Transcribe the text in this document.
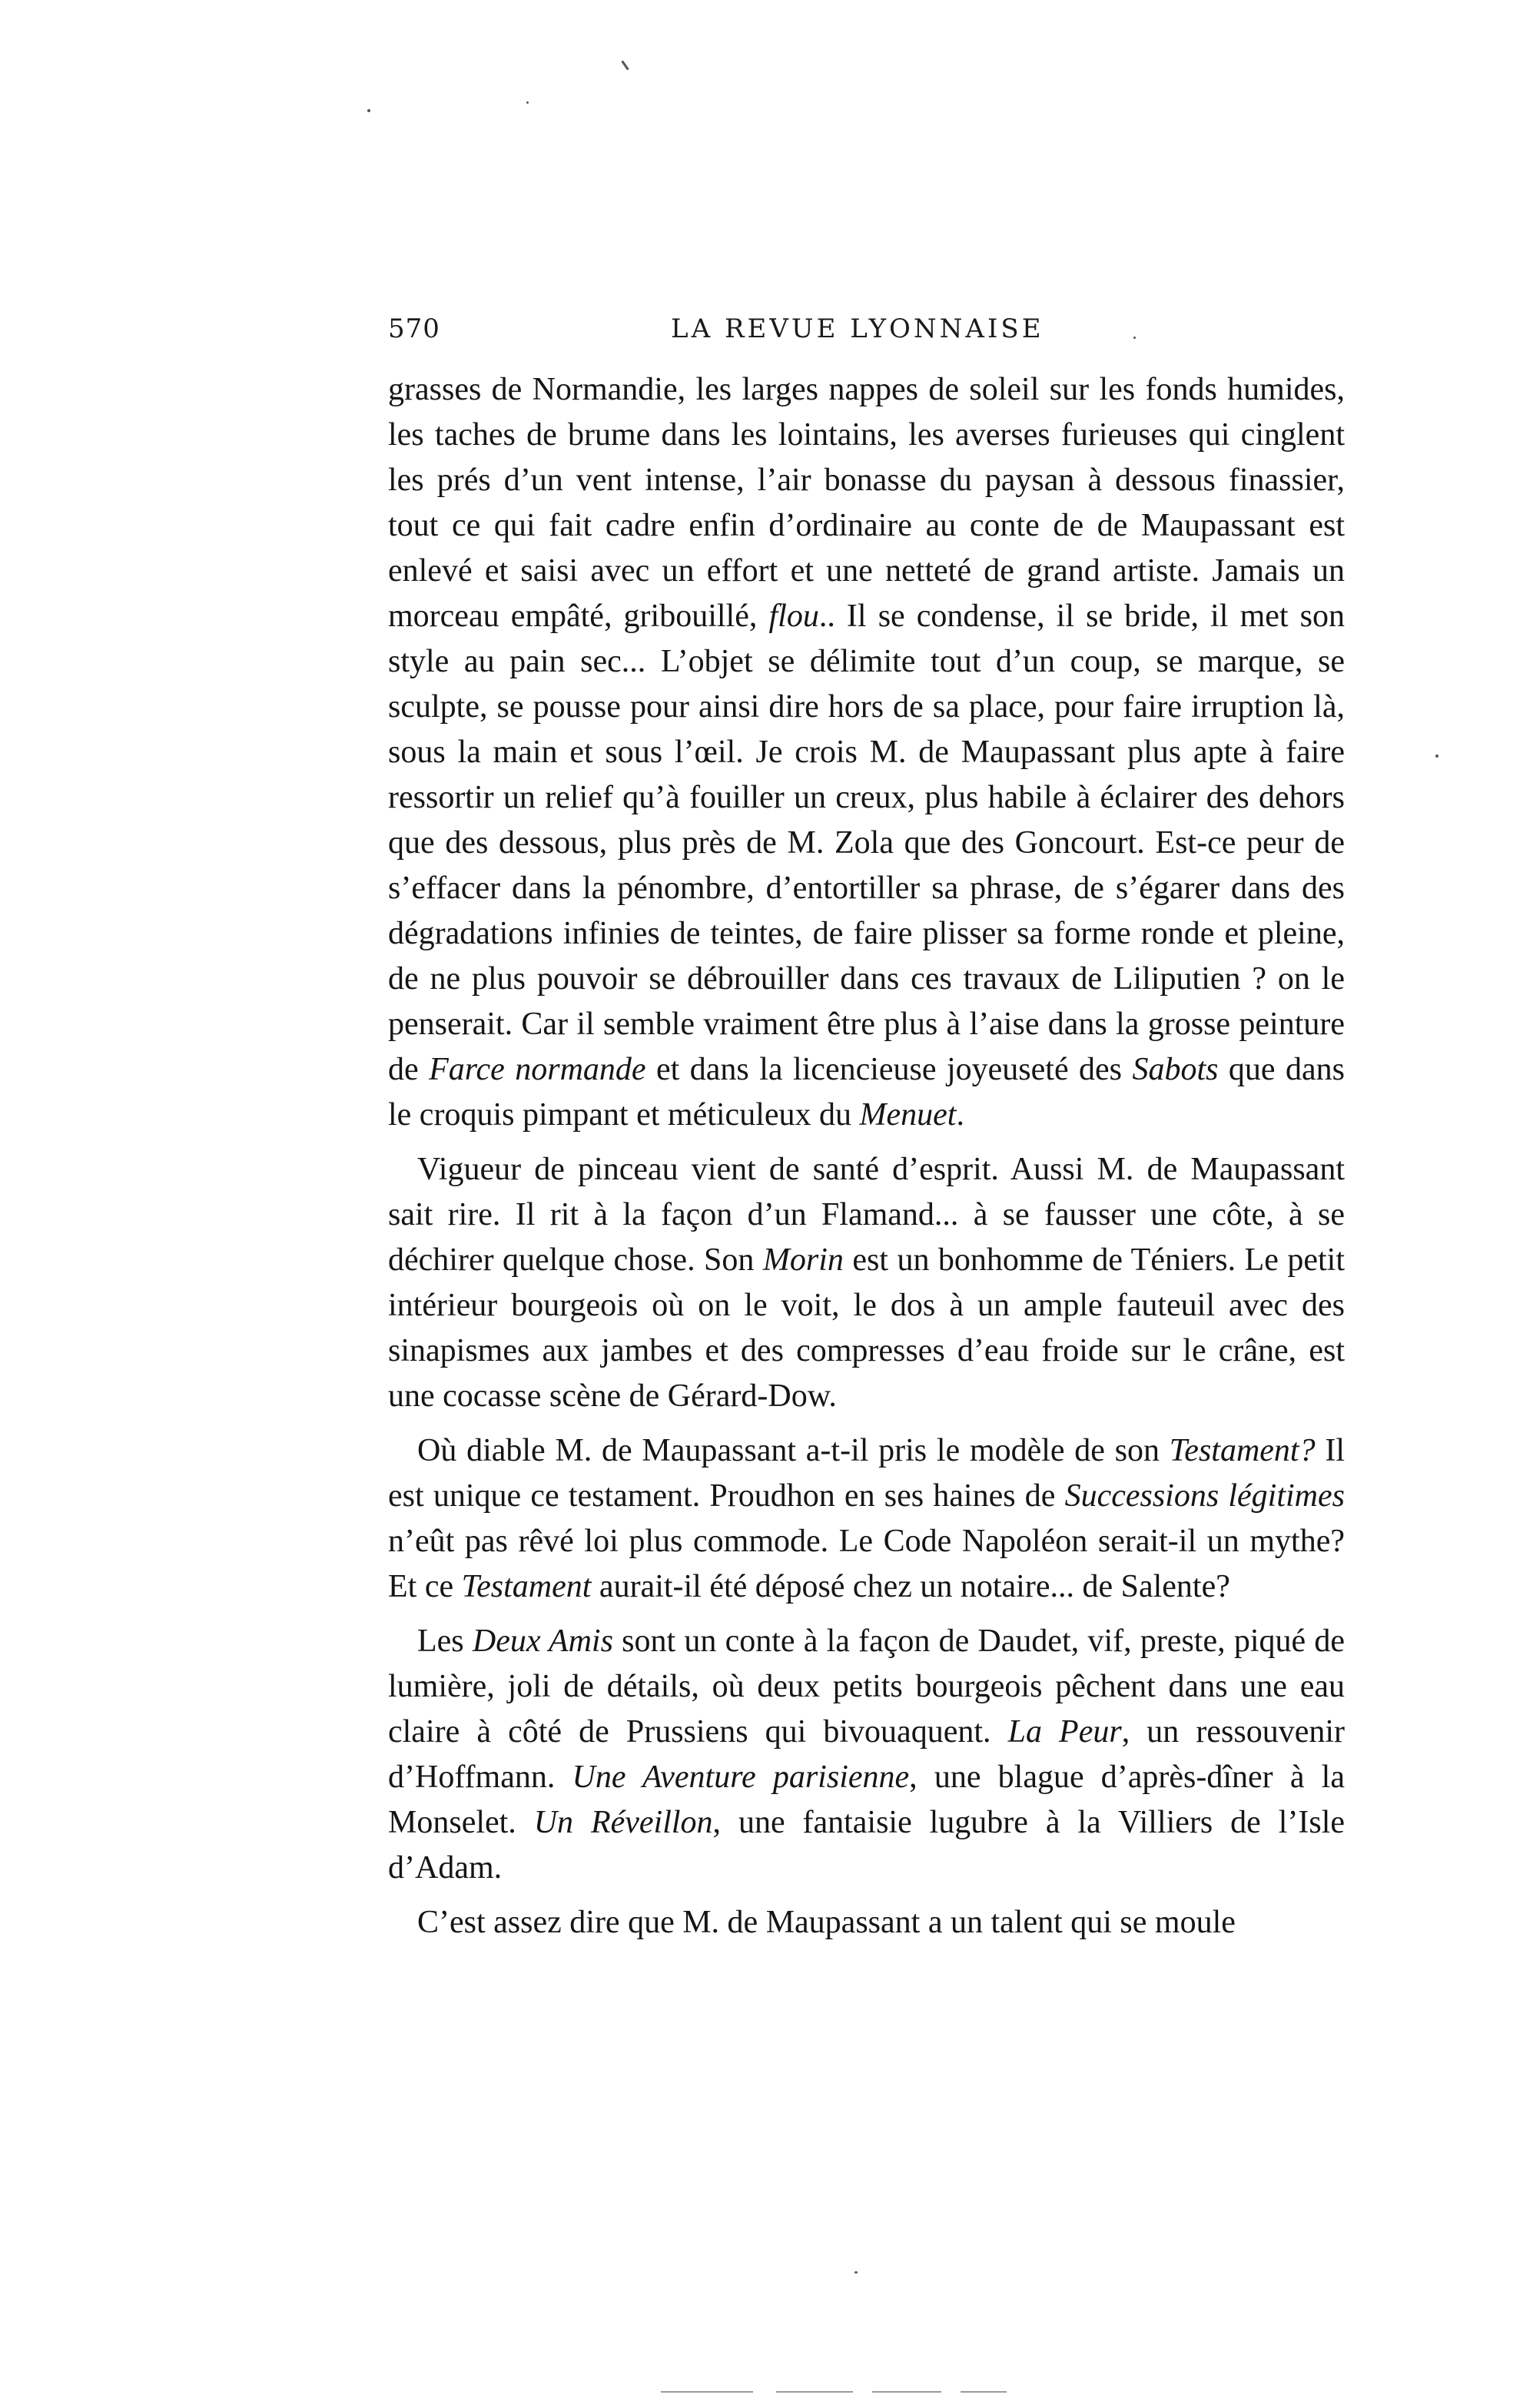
570	LA REVUE LYONNAISE

grasses de Normandie, les larges nappes de soleil sur les fonds humides, les taches de brume dans les lointains, les averses furieuses qui cinglent les prés d’un vent intense, l’air bonasse du paysan à dessous finassier, tout ce qui fait cadre enfin d’ordinaire au conte de de Maupassant est enlevé et saisi avec un effort et une netteté de grand artiste. Jamais un morceau empâté, gribouillé, flou.. Il se condense, il se bride, il met son style au pain sec... L’objet se délimite tout d’un coup, se marque, se sculpte, se pousse pour ainsi dire hors de sa place, pour faire irruption là, sous la main et sous l’œil. Je crois M. de Maupassant plus apte à faire ressortir un relief qu’à fouiller un creux, plus habile à éclairer des dehors que des dessous, plus près de M. Zola que des Goncourt. Est-ce peur de s’effacer dans la pénombre, d’entortiller sa phrase, de s’égarer dans des dégradations infinies de teintes, de faire plisser sa forme ronde et pleine, de ne plus pouvoir se débrouiller dans ces travaux de Liliputien ? on le penserait. Car il semble vraiment être plus à l’aise dans la grosse peinture de Farce normande et dans la licencieuse joyeuseté des Sabots que dans le croquis pimpant et méticuleux du Menuet.

Vigueur de pinceau vient de santé d’esprit. Aussi M. de Maupassant sait rire. Il rit à la façon d’un Flamand... à se fausser une côte, à se déchirer quelque chose. Son Morin est un bonhomme de Téniers. Le petit intérieur bourgeois où on le voit, le dos à un ample fauteuil avec des sinapismes aux jambes et des compresses d’eau froide sur le crâne, est une cocasse scène de Gérard-Dow.

Où diable M. de Maupassant a-t-il pris le modèle de son Testament? Il est unique ce testament. Proudhon en ses haines de Successions légitimes n’eût pas rêvé loi plus commode. Le Code Napoléon serait-il un mythe? Et ce Testament aurait-il été déposé chez un notaire... de Salente?

Les Deux Amis sont un conte à la façon de Daudet, vif, preste, piqué de lumière, joli de détails, où deux petits bourgeois pêchent dans une eau claire à côté de Prussiens qui bivouaquent. La Peur, un ressouvenir d’Hoffmann. Une Aventure parisienne, une blague d’après-dîner à la Monselet. Un Réveillon, une fantaisie lugubre à la Villiers de l’Isle d’Adam.

C’est assez dire que M. de Maupassant a un talent qui se moule
